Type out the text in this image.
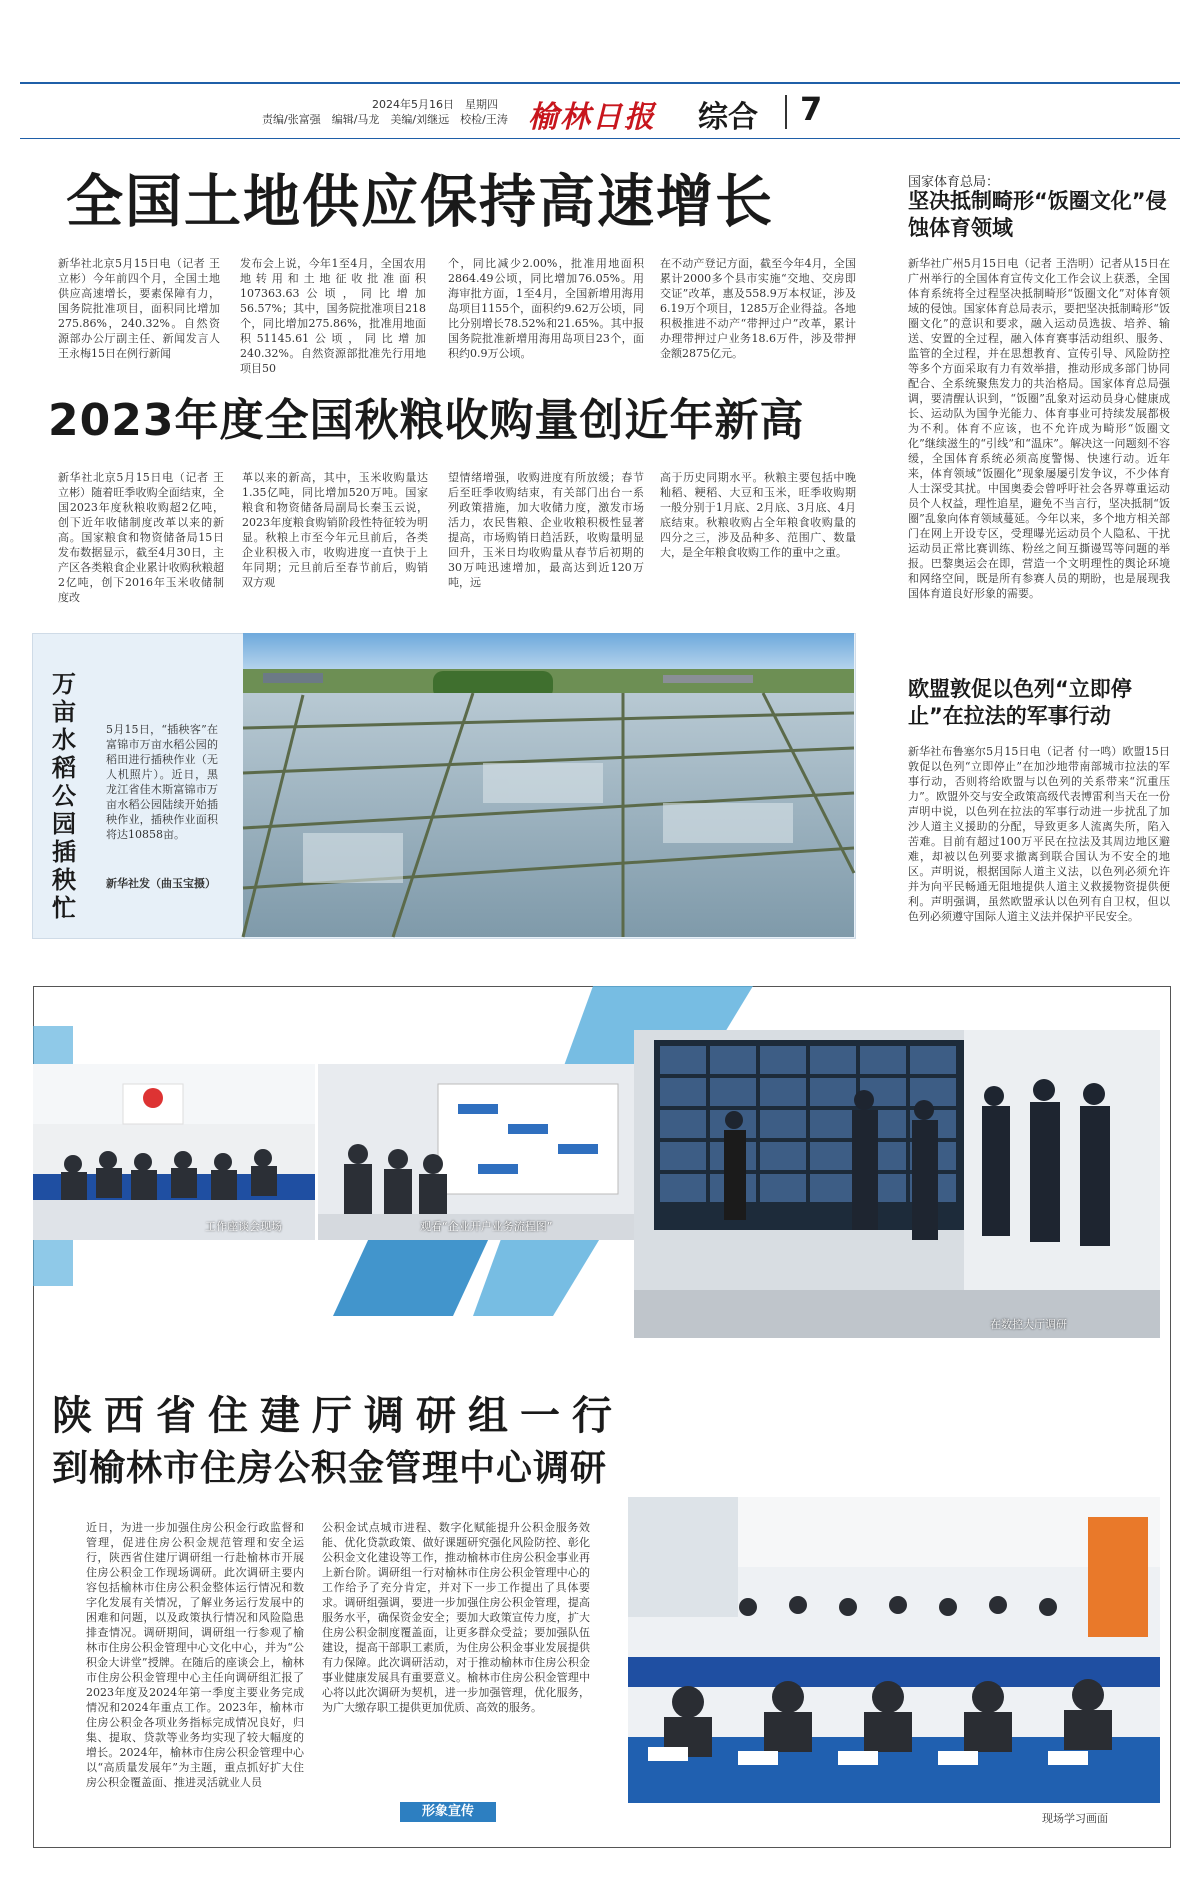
2024年5月16日　星期四
责编/张富强　编辑/马龙　美编/刘继远　校检/王涛 榆林日报 综合 7
全国土地供应保持高速增长
新华社北京5月15日电（记者 王立彬）今年前四个月，全国土地供应高速增长，要素保障有力，国务院批准项目，面积同比增加275.86%，240.32%。自然资源部办公厅副主任、新闻发言人王永梅15日在例行新闻
发布会上说，今年1至4月，全国农用地转用和土地征收批准面积107363.63公顷，同比增加56.57%；其中，国务院批准项目218个，同比增加275.86%，批准用地面积51145.61公顷，同比增加240.32%。自然资源部批准先行用地项目50
个，同比减少2.00%，批准用地面积2864.49公顷，同比增加76.05%。用海审批方面，1至4月，全国新增用海用岛项目1155个，面积约9.62万公顷，同比分别增长78.52%和21.65%。其中报国务院批准新增用海用岛项目23个，面积约0.9万公顷。
在不动产登记方面，截至今年4月，全国累计2000多个县市实施“交地、交房即交证”改革，惠及558.9万本权证，涉及6.19万个项目，1285万企业得益。各地积极推进不动产“带押过户”改革，累计办理带押过户业务18.6万件，涉及带押金额2875亿元。
2023年度全国秋粮收购量创近年新高
新华社北京5月15日电（记者 王立彬）随着旺季收购全面结束，全国2023年度秋粮收购超2亿吨，创下近年收储制度改革以来的新高。国家粮食和物资储备局15日发布数据显示，截至4月30日，主产区各类粮食企业累计收购秋粮超2亿吨，创下2016年玉米收储制度改
革以来的新高，其中，玉米收购量达1.35亿吨，同比增加520万吨。国家粮食和物资储备局副局长秦玉云说，2023年度粮食购销阶段性特征较为明显。秋粮上市至今年元旦前后，各类企业积极入市，收购进度一直快于上年同期；元旦前后至春节前后，购销双方观
望情绪增强，收购进度有所放缓；春节后至旺季收购结束，有关部门出台一系列政策措施，加大收储力度，激发市场活力，农民售粮、企业收粮积极性显著提高，市场购销日趋活跃，收购量明显回升，玉米日均收购量从春节后初期的30万吨迅速增加，最高达到近120万吨，远
高于历史同期水平。秋粮主要包括中晚籼稻、粳稻、大豆和玉米，旺季收购期一般分别于1月底、2月底、3月底、4月底结束。秋粮收购占全年粮食收购量的四分之三，涉及品种多、范围广、数量大，是全年粮食收购工作的重中之重。
万亩水稻公园插秧忙
5月15日，“插秧客”在富锦市万亩水稻公园的稻田进行插秧作业（无人机照片）。近日，黑龙江省佳木斯富锦市万亩水稻公园陆续开始插秧作业，插秧作业面积将达10858亩。
新华社发（曲玉宝摄）
国家体育总局：
坚决抵制畸形“饭圈文化”侵蚀体育领域
新华社广州5月15日电（记者 王浩明）记者从15日在广州举行的全国体育宣传文化工作会议上获悉，全国体育系统将全过程坚决抵制畸形“饭圈文化”对体育领域的侵蚀。国家体育总局表示，要把坚决抵制畸形“饭圈文化”的意识和要求，融入运动员选拔、培养、输送、安置的全过程，融入体育赛事活动组织、服务、监管的全过程，并在思想教育、宣传引导、风险防控等多个方面采取有力有效举措，推动形成多部门协同配合、全系统聚焦发力的共治格局。国家体育总局强调，要清醒认识到，“饭圈”乱象对运动员身心健康成长、运动队为国争光能力、体育事业可持续发展都极为不利。体育不应该，也不允许成为畸形“饭圈文化”继续滋生的“引线”和“温床”。解决这一问题刻不容缓，全国体育系统必须高度警惕、快速行动。近年来，体育领域“饭圈化”现象屡屡引发争议，不少体育人士深受其扰。中国奥委会曾呼吁社会各界尊重运动员个人权益，理性追星，避免不当言行，坚决抵制“饭圈”乱象向体育领域蔓延。今年以来，多个地方相关部门在网上开设专区，受理曝光运动员个人隐私、干扰运动员正常比赛训练、粉丝之间互撕谩骂等问题的举报。巴黎奥运会在即，营造一个文明理性的舆论环境和网络空间，既是所有参赛人员的期盼，也是展现我国体育道良好形象的需要。
欧盟敦促以色列“立即停止”在拉法的军事行动
新华社布鲁塞尔5月15日电（记者 付一鸣）欧盟15日敦促以色列“立即停止”在加沙地带南部城市拉法的军事行动，否则将给欧盟与以色列的关系带来“沉重压力”。欧盟外交与安全政策高级代表博雷利当天在一份声明中说，以色列在拉法的军事行动进一步扰乱了加沙人道主义援助的分配，导致更多人流离失所，陷入苦难。目前有超过100万平民在拉法及其周边地区避难，却被以色列要求撤离到联合国认为不安全的地区。声明说，根据国际人道主义法，以色列必须允许并为向平民畅通无阻地提供人道主义救援物资提供便利。声明强调，虽然欧盟承认以色列有自卫权，但以色列必须遵守国际人道主义法并保护平民安全。
工作座谈会现场	观看“企业开户业务流程图”
在数控大厅调研
陕西省住建厅调研组一行
到榆林市住房公积金管理中心调研
近日，为进一步加强住房公积金行政监督和管理，促进住房公积金规范管理和安全运行，陕西省住建厅调研组一行赴榆林市开展住房公积金工作现场调研。此次调研主要内容包括榆林市住房公积金整体运行情况和数字化发展有关情况，了解业务运行发展中的困难和问题，以及政策执行情况和风险隐患排查情况。调研期间，调研组一行参观了榆林市住房公积金管理中心文化中心，并为“公积金大讲堂”授牌。在随后的座谈会上，榆林市住房公积金管理中心主任向调研组汇报了2023年度及2024年第一季度主要业务完成情况和2024年重点工作。2023年，榆林市住房公积金各项业务指标完成情况良好，归集、提取、贷款等业务均实现了较大幅度的增长。2024年，榆林市住房公积金管理中心以“高质量发展年”为主题，重点抓好扩大住房公积金覆盖面、推进灵活就业人员
公积金试点城市进程、数字化赋能提升公积金服务效能、优化贷款政策、做好课题研究强化风险防控、彰化公积金文化建设等工作，推动榆林市住房公积金事业再上新台阶。调研组一行对榆林市住房公积金管理中心的工作给予了充分肯定，并对下一步工作提出了具体要求。调研组强调，要进一步加强住房公积金管理，提高服务水平，确保资金安全；要加大政策宣传力度，扩大住房公积金制度覆盖面，让更多群众受益；要加强队伍建设，提高干部职工素质，为住房公积金事业发展提供有力保障。此次调研活动，对于推动榆林市住房公积金事业健康发展具有重要意义。榆林市住房公积金管理中心将以此次调研为契机，进一步加强管理，优化服务，为广大缴存职工提供更加优质、高效的服务。
形象宣传	现场学习画面
